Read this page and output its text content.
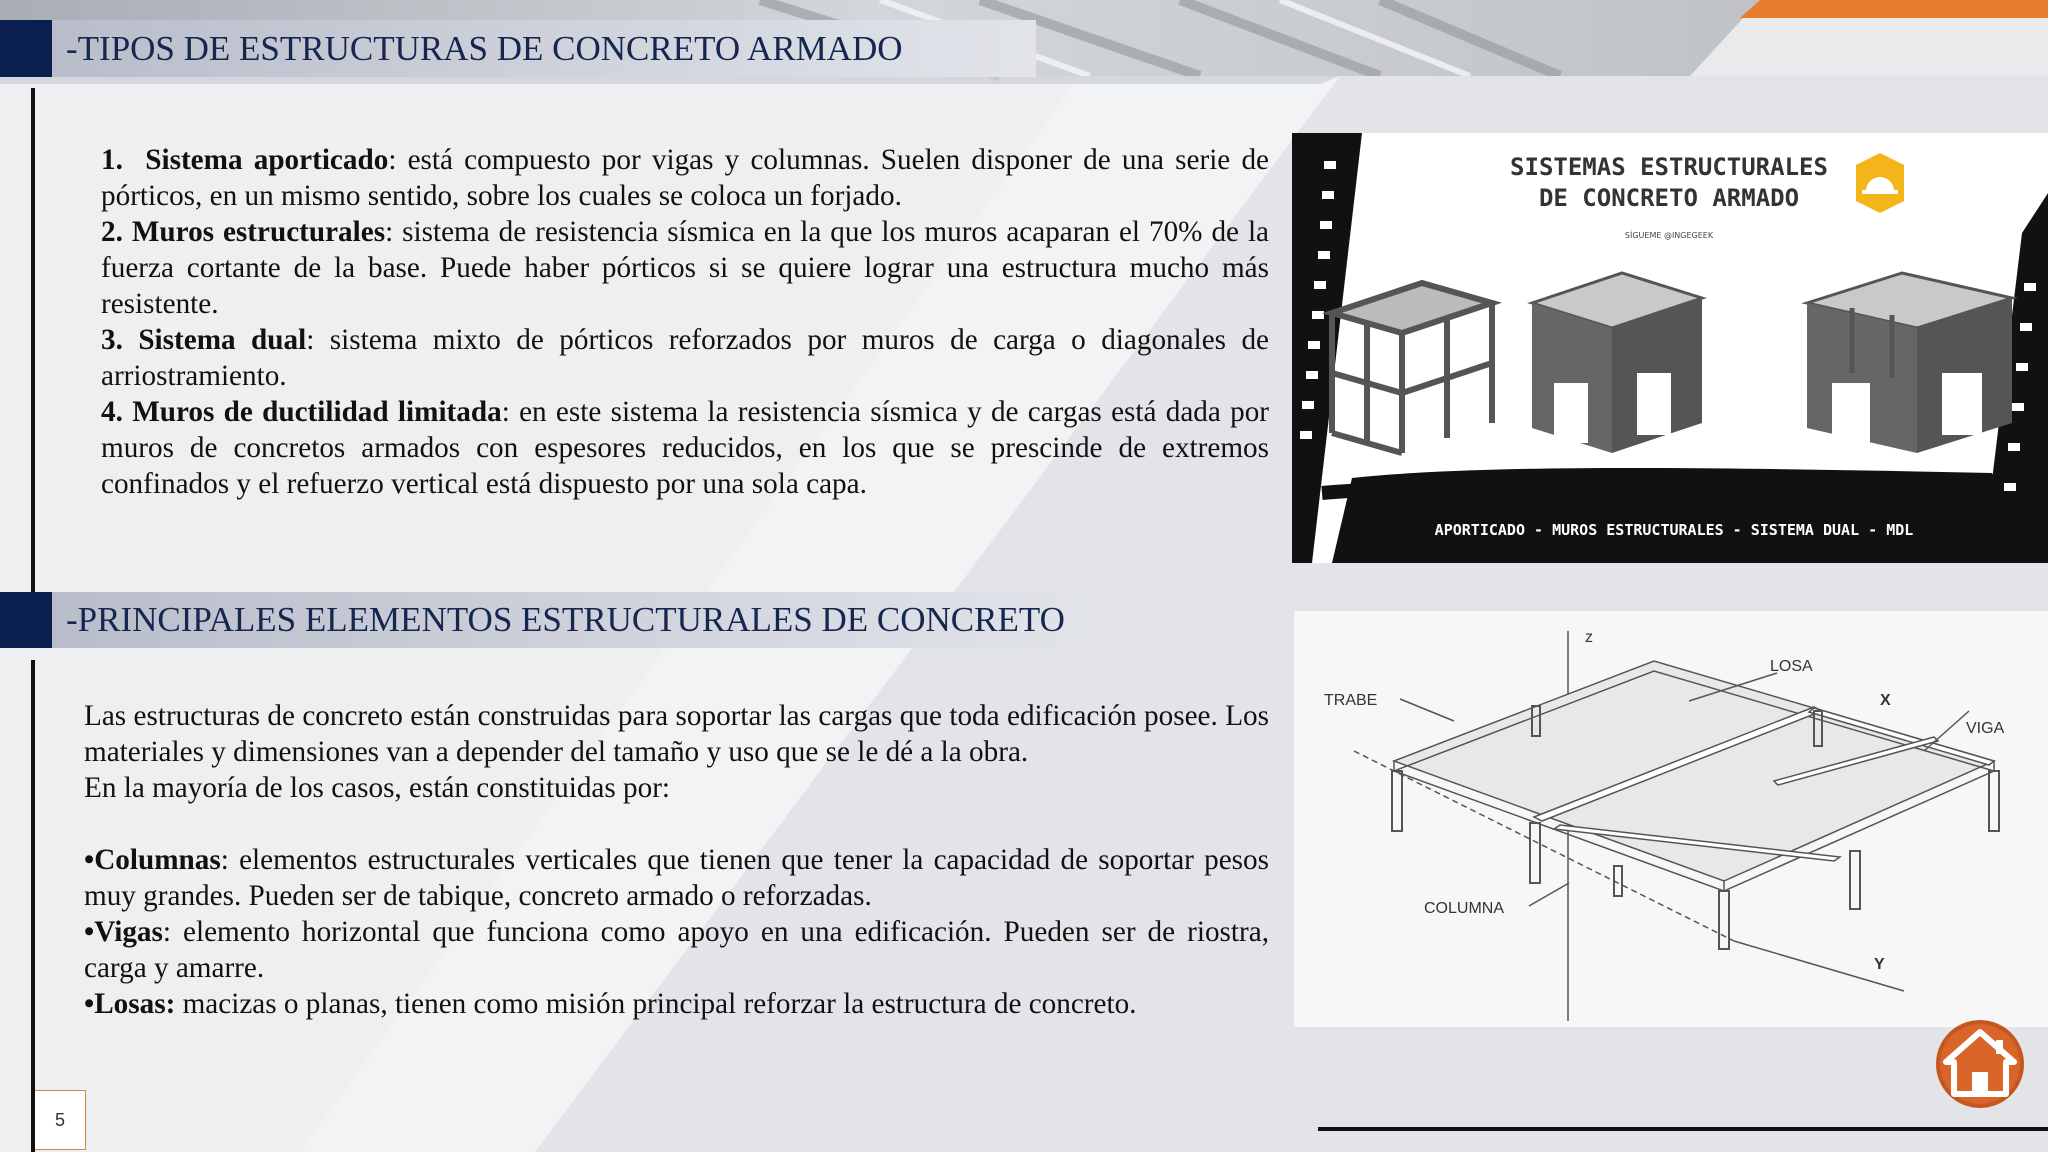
-TIPOS DE ESTRUCTURAS DE CONCRETO ARMADO

1. Sistema aporticado: está compuesto por vigas y columnas. Suelen disponer de una serie de pórticos, en un mismo sentido, sobre los cuales se coloca un forjado.

2. Muros estructurales: sistema de resistencia sísmica en la que los muros acaparan el 70% de la fuerza cortante de la base. Puede haber pórticos si se quiere lograr una estructura mucho más resistente.

3. Sistema dual: sistema mixto de pórticos reforzados por muros de carga o diagonales de arriostramiento.

4. Muros de ductilidad limitada: en este sistema la resistencia sísmica y de cargas está dada por muros de concretos armados con espesores reducidos, en los que se prescinde de extremos confinados y el refuerzo vertical está dispuesto por una sola capa.

SISTEMAS ESTRUCTURALES
DE CONCRETO ARMADO
SÍGUEME @INGEGEEK
APORTICADO - MUROS ESTRUCTURALES - SISTEMA DUAL - MDL
-PRINCIPALES ELEMENTOS ESTRUCTURALES DE CONCRETO

Las estructuras de concreto están construidas para soportar las cargas que toda edificación posee. Los materiales y dimensiones van a depender del tamaño y uso que se le dé a la obra.

En la mayoría de los casos, están constituidas por:

•Columnas: elementos estructurales verticales que tienen que tener la capacidad de soportar pesos muy grandes. Pueden ser de tabique, concreto armado o reforzadas.

•Vigas: elemento horizontal que funciona como apoyo en una edificación. Pueden ser de riostra, carga y amarre.

•Losas: macizas o planas, tienen como misión principal reforzar la estructura de concreto.

z
LOSA
X
TRABE
VIGA
COLUMNA
Y
5
